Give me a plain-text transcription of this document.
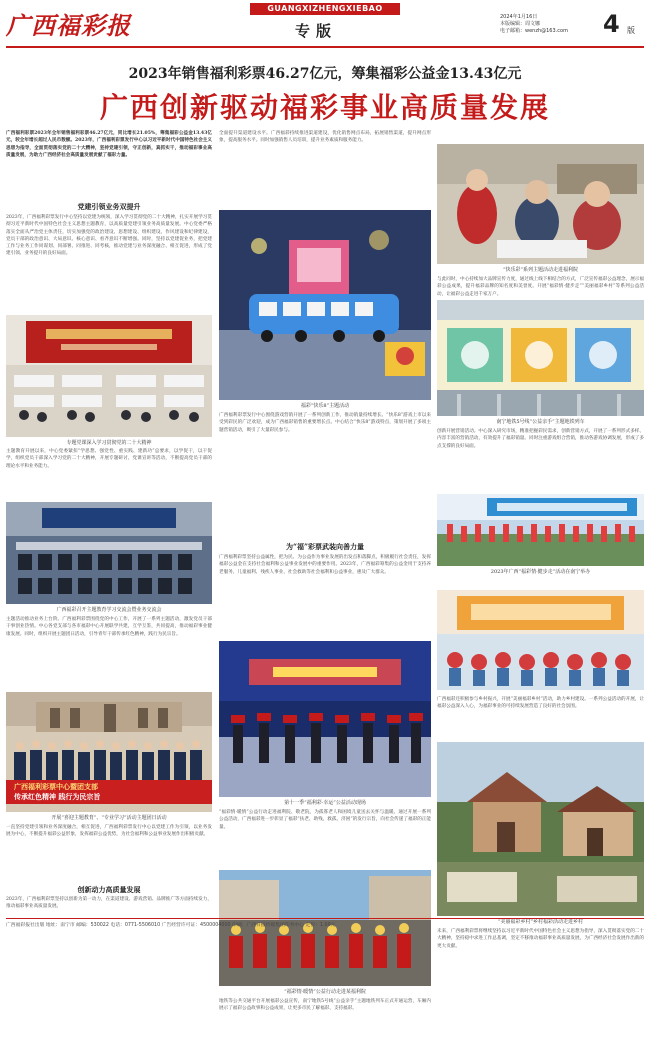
广西福彩报
GUANGXIZHENGXIEBAO
专版
2024年1月16日
本版编辑：周文娜
电子邮箱：wenzh@163.com 4 版
2023年销售福利彩票46.27亿元，筹集福彩公益金13.43亿元
广西创新驱动福彩事业高质量发展
广西福利彩票2023年全年销售福利彩票46.27亿元，同比增长21.05%，筹集福彩公益金13.43亿元，较全年增长超过人民币数额。2023年，广西福利彩票发行中心以习近平新时代中国特色社会主义思想为指导，全面贯彻落实党的二十大精神，坚持党建引领，守正创新，真抓实干，推动福彩事业高质量发展，为助力广西经济社会高质量发展贡献了福彩力量。
党建引领业务双提升
2023年，广西福利彩票发行中心坚持以党建为统领，深入学习贯彻党的二十大精神，扎实开展学习贯彻习近平新时代中国特色社会主义思想主题教育，以高质量党建引领业务高质量发展。中心党委严格落实全面从严治党主体责任，切实加强党的政治建设、思想建设、组织建设、作风建设和纪律建设，党员干部的政治意识、大局意识、核心意识、看齐意识不断增强。同时，坚持以党建促业务，把党建工作与业务工作同谋划、同部署、同推进、同考核，推动党建与业务深度融合、相互促进，形成了党建引领、业务提升的良好局面。
专题党课深入学习贯彻党的二十大精神
主题教育开展以来，中心党委紧扣“学思想、强党性、重实践、建新功”总要求，以学促干，以干促学，组织党员干部深入学习党的二十大精神，开展专题研讨、党课宣讲等活动，不断提高党员干部的理论水平和业务能力。
广西福彩召开主题教育学习交流会暨业务交流会
主题活动推动业务上台阶。广西福利彩票围绕党的中心工作，开展了一系列主题活动，激发党员干部干事创业热情。中心各党支部与各市福彩中心开展联学共建，互学互鉴，共同提高，推动福彩事业健康发展。同时，组织开展主题团日活动，引导青年干部传承红色精神，践行为民宗旨。
广西福利彩票中心暨团支部
传承红色精神 践行为民宗旨
开展“喜迎主题教育”、“专业学习”活动主题团日活动
一直坚持党建引领和业务深度融合，相互促进，广西福利彩票发行中心以党建工作为引领，以业务发展为中心，不断提升福彩公益形象，发挥福彩公益优势，为社会福利和公益事业发展作出积极贡献。
创新动力高质量发展
2023年，广西福利彩票坚持以创新为第一动力，在渠道建设、游戏营销、品牌推广等方面持续发力，推动福彩事业高质量发展。
全面提升渠道建设水平。广西福彩持续推进渠道建设，优化销售网点布局，拓展销售渠道，提升网点形象，提高服务水平。同时加强销售人员培训，提升业务素质和服务能力。
福彩“快乐8”主题活动
广西福利彩票发行中心围绕游戏营销开展了一系列创新工作，推动销量持续增长。“快乐8”游戏上市以来受到彩民的广泛欢迎，成为广西福彩销售的重要增长点。中心结合“快乐8”游戏特点，策划开展了多项主题营销活动，吸引了大量彩民参与。
为“福”彩票武装向善力量
广西福利彩票坚持公益属性，把为民、为公益作为事业发展的出发点和落脚点，积极履行社会责任，发挥福彩公益金在支持社会福利和公益事业发展中的重要作用。2023年，广西福彩筹集的公益金用于支持养老服务、儿童福利、残疾人事业、社会救助等社会福利和公益事业，惠及广大群众。
第十一季“福利彩·幸运”公益活动现场
“福彩情·暖情”公益行动走进福利院、敬老院，为孤寡老人和困境儿童送去关怀与温暖。通过开展一系列公益活动，广西福彩进一步彰显了福彩“扶老、助残、救孤、济困”的发行宗旨，向社会传递了福彩的正能量。
“福彩情·暖情”公益行动走进某福利院
地铁等公共交通平台开展福彩公益宣传，南宁地铁5号线“公益亲手”主题地铁列车正式开通运营，车厢内展示了福彩公益故事和公益成果，让更多市民了解福彩、支持福彩。
“快乐彩”系列主题活动走进福利院
与此同时，中心持续加大品牌宣传力度，通过线上线下相结合的方式，广泛宣传福彩公益理念，展示福彩公益成果，提升福彩品牌的知名度和美誉度。开展“福彩情·健步走”“美丽福彩乡村”等系列公益活动，让福彩公益走进千家万户。
南宁地铁5号线“公益亲手”主题地铁列车
创新开展营销活动。中心深入研究市场，精准把握彩民需求，创新营销方式，开展了一系列形式多样、内容丰富的营销活动，有效提升了福彩销量。同时注重游戏组合营销，推动各游戏协调发展，形成了多点支撑的良好局面。
2023年广西“福彩情·健步走”活动在南宁举办
广西福彩还积极参与乡村振兴，开展“美丽福彩乡村”活动，助力乡村建设。一系列公益活动的开展，让福彩公益深入人心，为福彩事业的可持续发展营造了良好的社会氛围。
“美丽福彩乡村”乡村福彩活动走进乡村
未来，广西福利彩票将继续坚持以习近平新时代中国特色社会主义思想为指导，深入贯彻落实党的二十大精神，坚持稳中求进工作总基调，坚定不移推动福彩事业高质量发展，为广西经济社会发展作出新的更大贡献。
广西福彩报社出版 地址：南宁市 邮编：530022 电话：0771-5506010 广告经营许可证：4500004000 印刷：广西日报传媒集团印务中心 定价：1.00元
